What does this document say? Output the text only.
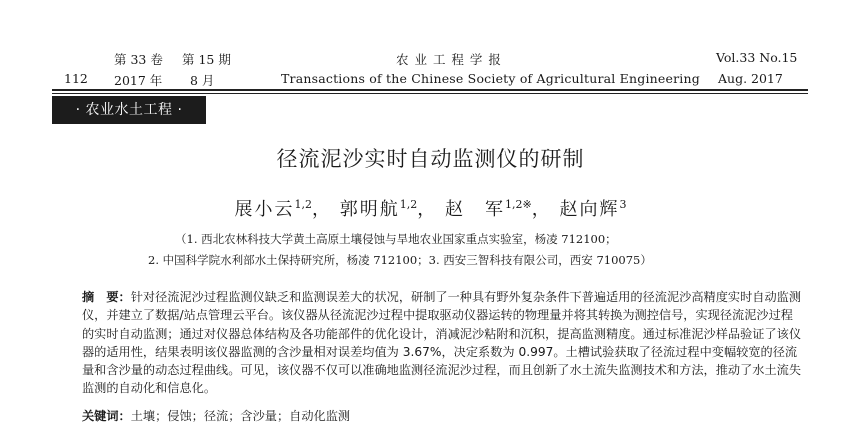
第 33 卷 第 15 期	农 业 工 程 学 报	Vol.33 No.15
112 2017 年 8 月	Transactions of the Chinese Society of Agricultural Engineering Aug. 2017
· 农业水土工程 ·
径流泥沙实时自动监测仪的研制
展小云$^{1,2}$， 郭明航$^{1,2}$， 赵　军$^{1,2※}$， 赵向辉$^3$
（1. 西北农林科技大学黄土高原土壤侵蚀与旱地农业国家重点实验室，杨凌 712100；
2. 中国科学院水利部水土保持研究所，杨凌 712100；3. 西安三智科技有限公司，西安 710075）
摘　要：针对径流泥沙过程监测仪缺乏和监测误差大的状况，研制了一种具有野外复杂条件下普遍适用的径流泥沙高精度实时自动监测仪，并建立了数据/站点管理云平台。该仪器从径流泥沙过程中提取驱动仪器运转的物理量并将其转换为测控信号，实现径流泥沙过程的实时自动监测；通过对仪器总体结构及各功能部件的优化设计，消减泥沙粘附和沉积，提高监测精度。通过标准泥沙样品验证了该仪器的适用性，结果表明该仪器监测的含沙量相对误差均值为 3.67%，决定系数为 0.997。土槽试验获取了径流过程中变幅较宽的径流量和含沙量的动态过程曲线。可见，该仪器不仅可以准确地监测径流泥沙过程，而且创新了水土流失监测技术和方法，推动了水土流失监测的自动化和信息化。
关键词：土壤；侵蚀；径流；含沙量；自动化监测
